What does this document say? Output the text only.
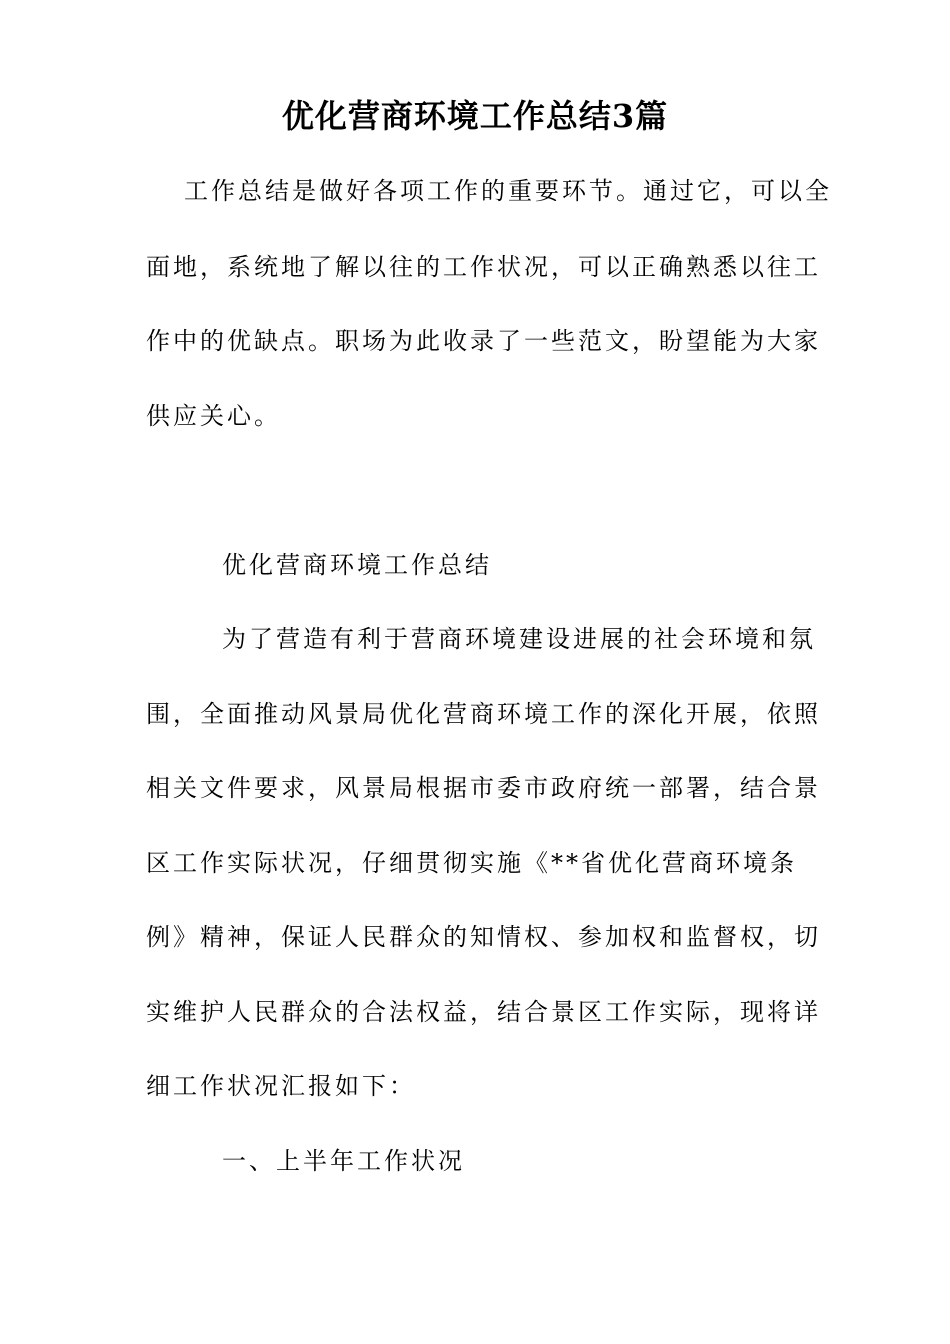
优化营商环境工作总结3篇
工作总结是做好各项工作的重要环节。通过它，可以全
面地，系统地了解以往的工作状况，可以正确熟悉以往工
作中的优缺点。职场为此收录了一些范文，盼望能为大家
供应关心。
优化营商环境工作总结
为了营造有利于营商环境建设进展的社会环境和氛
围，全面推动风景局优化营商环境工作的深化开展，依照
相关文件要求，风景局根据市委市政府统一部署，结合景
区工作实际状况，仔细贯彻实施《**省优化营商环境条
例》精神，保证人民群众的知情权、参加权和监督权，切
实维护人民群众的合法权益，结合景区工作实际，现将详
细工作状况汇报如下：
一、上半年工作状况
